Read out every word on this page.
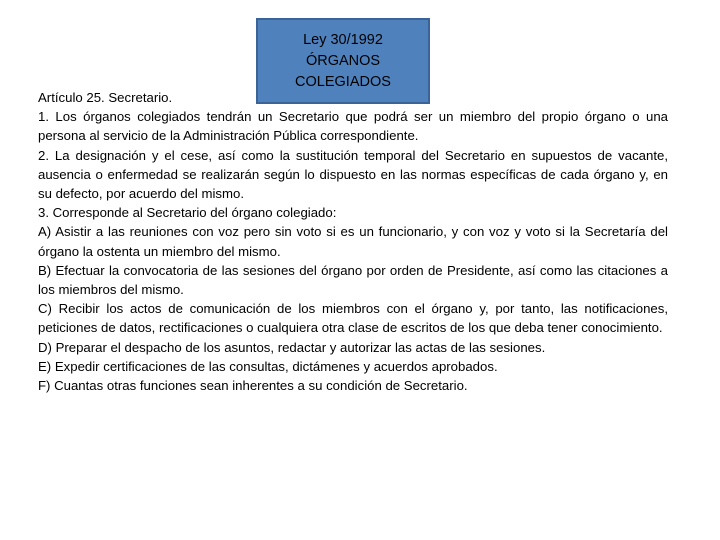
Artículo 25. Secretario.

1. Los órganos colegiados tendrán un Secretario que podrá ser un miembro del propio órgano o una persona al servicio de la Administración Pública correspondiente.

2. La designación y el cese, así como la sustitución temporal del Secretario en supuestos de vacante, ausencia o enfermedad se realizarán según lo dispuesto en las normas específicas de cada órgano y, en su defecto, por acuerdo del mismo.

3. Corresponde al Secretario del órgano colegiado:

A) Asistir a las reuniones con voz pero sin voto si es un funcionario, y con voz y voto si la Secretaría del órgano la ostenta un miembro del mismo.

B) Efectuar la convocatoria de las sesiones del órgano por orden de Presidente, así como las citaciones a los miembros del mismo.

C) Recibir los actos de comunicación de los miembros con el órgano y, por tanto, las notificaciones, peticiones de datos, rectificaciones o cualquiera otra clase de escritos de los que deba tener conocimiento.

D) Preparar el despacho de los asuntos, redactar y autorizar las actas de las sesiones.

E) Expedir certificaciones de las consultas, dictámenes y acuerdos aprobados.

F) Cuantas otras funciones sean inherentes a su condición de Secretario.

Ley 30/1992
ÓRGANOS
COLEGIADOS
